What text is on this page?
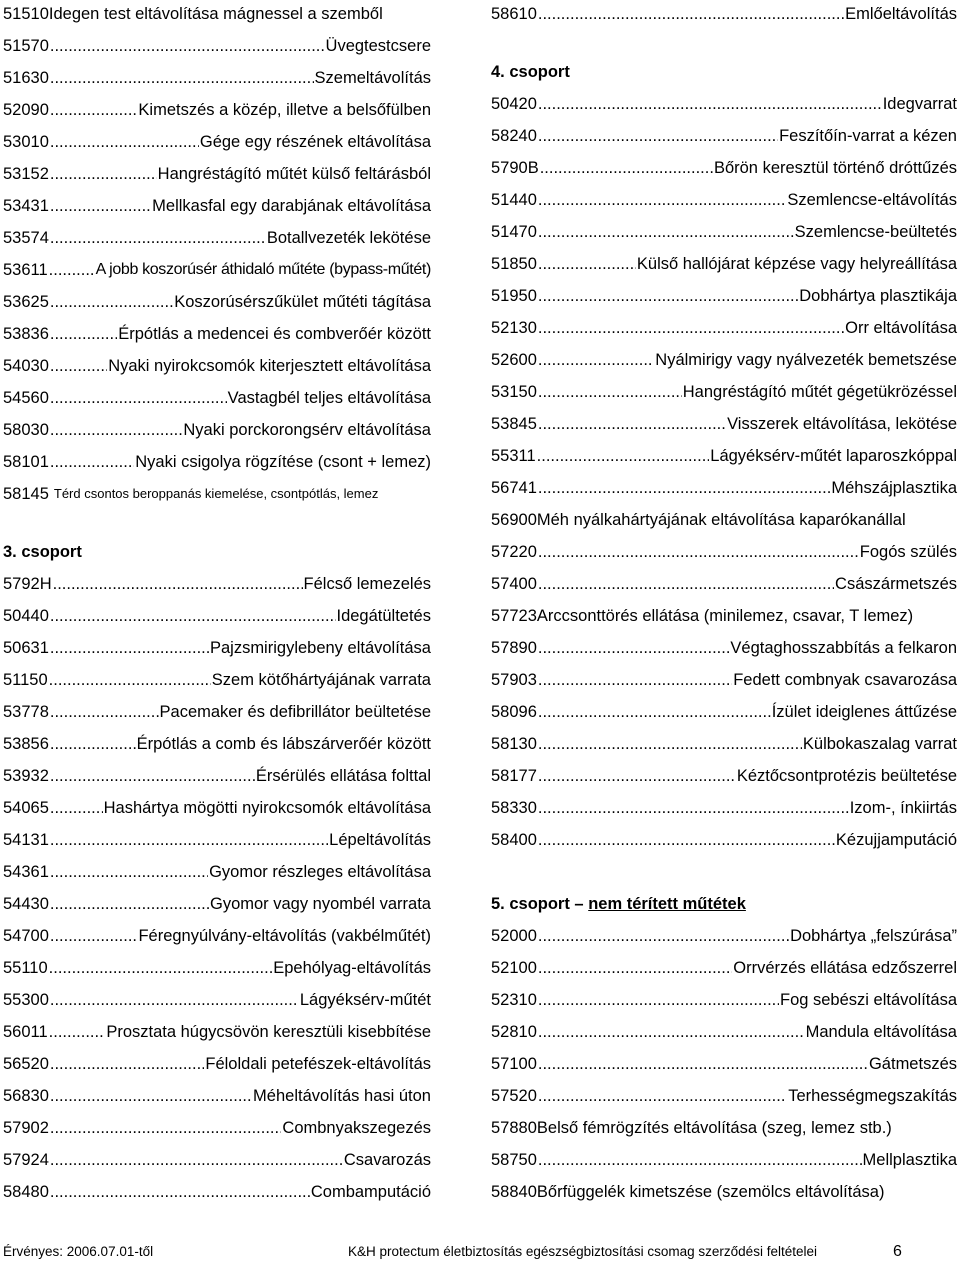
51510 Idegen test eltávolítása mágnessel a szemből
51570 .....	Üvegtestcsere
51630 .....	Szemeltávolítás
52090 .....	Kimetszés a közép, illetve a belsőfülben
53010 .....	Gége egy részének eltávolítása
53152 .....	Hangréstágító műtét külső feltárásból
53431 .....	Mellkasfal egy darabjának eltávolítása
53574 .....	Botallvezeték lekötése
53611 .....	A jobb koszorúsér áthidaló műtéte (bypass-műtét)
53625 .....	Koszorúsérszűkület műtéti tágítása
53836 .....	Érpótlás a medencei és combverőér között
54030 .....	Nyaki nyirokcsomók kiterjesztett eltávolítása
54560 .....	Vastagbél teljes eltávolítása
58030 .....	Nyaki porckorongsérv eltávolítása
58101 .....	Nyaki csigolya rögzítése (csont + lemez)
58145 Térd csontos beroppanás kiemelése, csontpótlás, lemez
3. csoport
5792H .....	Félcső lemezelés
50440 .....	Idegátültetés
50631 .....	Pajzsmirigylebeny eltávolítása
51150 .....	Szem kötőhártyájának varrata
53778 .....	Pacemaker és defibrillátor beültetése
53856 .....	Érpótlás a comb és lábszárverőér között
53932 .....	Érsérülés ellátása folttal
54065 .....	Hashártya mögötti nyirokcsomók eltávolítása
54131 .....	Lépeltávolítás
54361 .....	Gyomor részleges eltávolítása
54430 .....	Gyomor vagy nyombél varrata
54700 .....	Féregnyúlvány-eltávolítás (vakbélműtét)
55110 .....	Epehólyag-eltávolítás
55300 .....	Lágyéksérv-műtét
56011 .....	Prosztata húgycsövön keresztüli kisebbítése
56520 .....	Féloldali petefészek-eltávolítás
56830 .....	Méheltávolítás hasi úton
57902 .....	Combnyakszegezés
57924 .....	Csavarozás
58480 .....	Combamputáció
58610 .....	Emlőeltávolítás
4. csoport
50420 .....	Idegvarrat
58240 .....	Feszítőín-varrat a kézen
5790B .....	Bőrön keresztül történő dróttűzés
51440 .....	Szemlencse-eltávolítás
51470 .....	Szemlencse-beültetés
51850 .....	Külső hallójárat képzése vagy helyreállítása
51950 .....	Dobhártya plasztikája
52130 .....	Orr eltávolítása
52600 .....	Nyálmirigy vagy nyálvezeték bemetszése
53150 .....	Hangréstágító műtét gégetükrözéssel
53845 .....	Visszerek eltávolítása, lekötése
55311 .....	Lágyéksérv-műtét laparoszkóppal
56741 .....	Méhszájplasztika
56900 Méh nyálkahártyájának eltávolítása kaparókanállal
57220 .....	Fogós szülés
57400 .....	Császármetszés
57723 Arccsonttörés ellátása (minilemez, csavar, T lemez)
57890 .....	Végtaghosszabbítás a felkaron
57903 .....	Fedett combnyak csavarozása
58096 .....	Ízület ideiglenes áttűzése
58130 .....	Külbokaszalag varrat
58177 .....	Kéztőcsontprotézis beültetése
58330 .....	Izom-, ínkiirtás
58400 .....	Kézujjamputáció
5. csoport – nem térített műtétek
52000 .....	Dobhártya „felszúrása”
52100 .....	Orrvérzés ellátása edzőszerrel
52310 .....	Fog sebészi eltávolítása
52810 .....	Mandula eltávolítása
57100 .....	Gátmetszés
57520 .....	Terhességmegszakítás
57880 Belső fémrögzítés eltávolítása (szeg, lemez stb.)
58750 .....	Mellplasztika
58840 Bőrfüggelék kimetszése (szemölcs eltávolítása)
Érvényes: 2006.07.01-től	K&H protectum életbiztosítás egészségbiztosítási csomag szerződési feltételei	6
